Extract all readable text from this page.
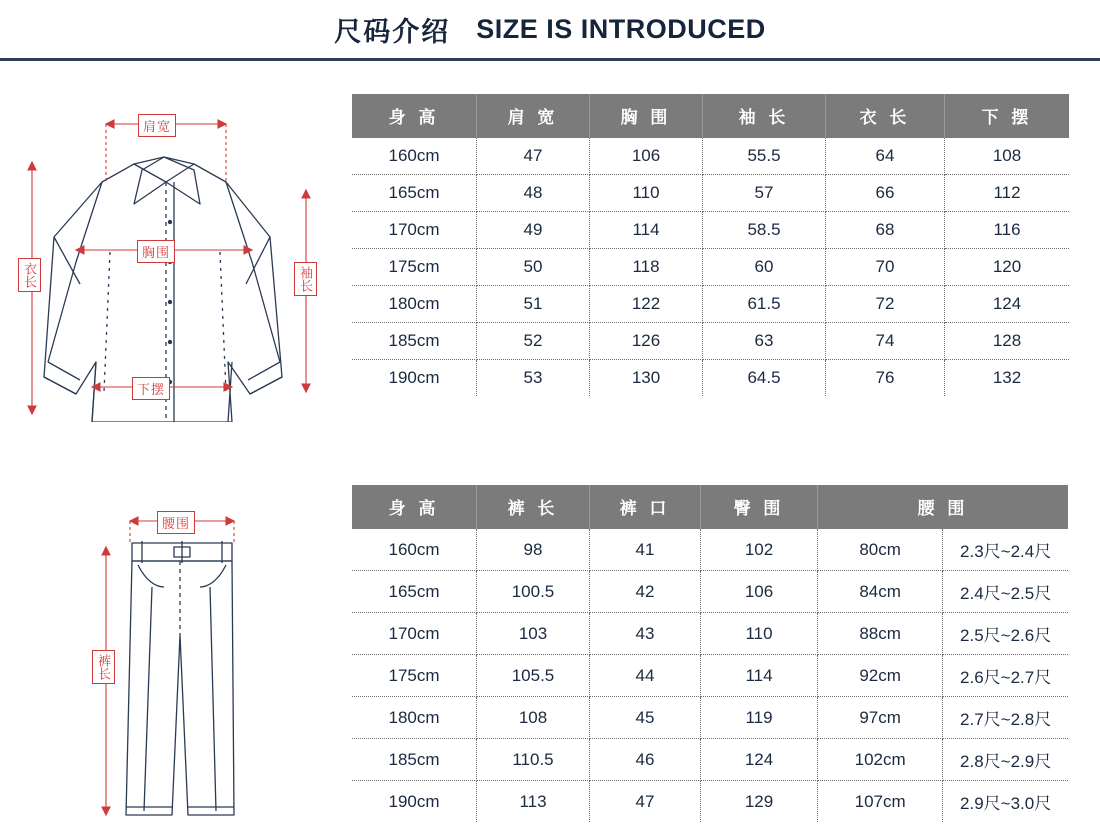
尺码介绍 SIZE IS INTRODUCED
肩宽
胸围
下摆
衣长	袖长
身 高	肩 宽	胸 围	袖 长	衣 长	下 摆
160cm	47	106	55.5	64	108
165cm	48	110	57	66	112
170cm	49	114	58.5	68	116
175cm	50	118	60	70	120
180cm	51	122	61.5	72	124
185cm	52	126	63	74	128
190cm	53	130	64.5	76	132
腰围
裤长
身 高	裤 长	裤 口	臀 围	腰 围	
160cm	98	41	102	80cm	2.3尺~2.4尺
165cm	100.5	42	106	84cm	2.4尺~2.5尺
170cm	103	43	110	88cm	2.5尺~2.6尺
175cm	105.5	44	114	92cm	2.6尺~2.7尺
180cm	108	45	119	97cm	2.7尺~2.8尺
185cm	110.5	46	124	102cm	2.8尺~2.9尺
190cm	113	47	129	107cm	2.9尺~3.0尺
